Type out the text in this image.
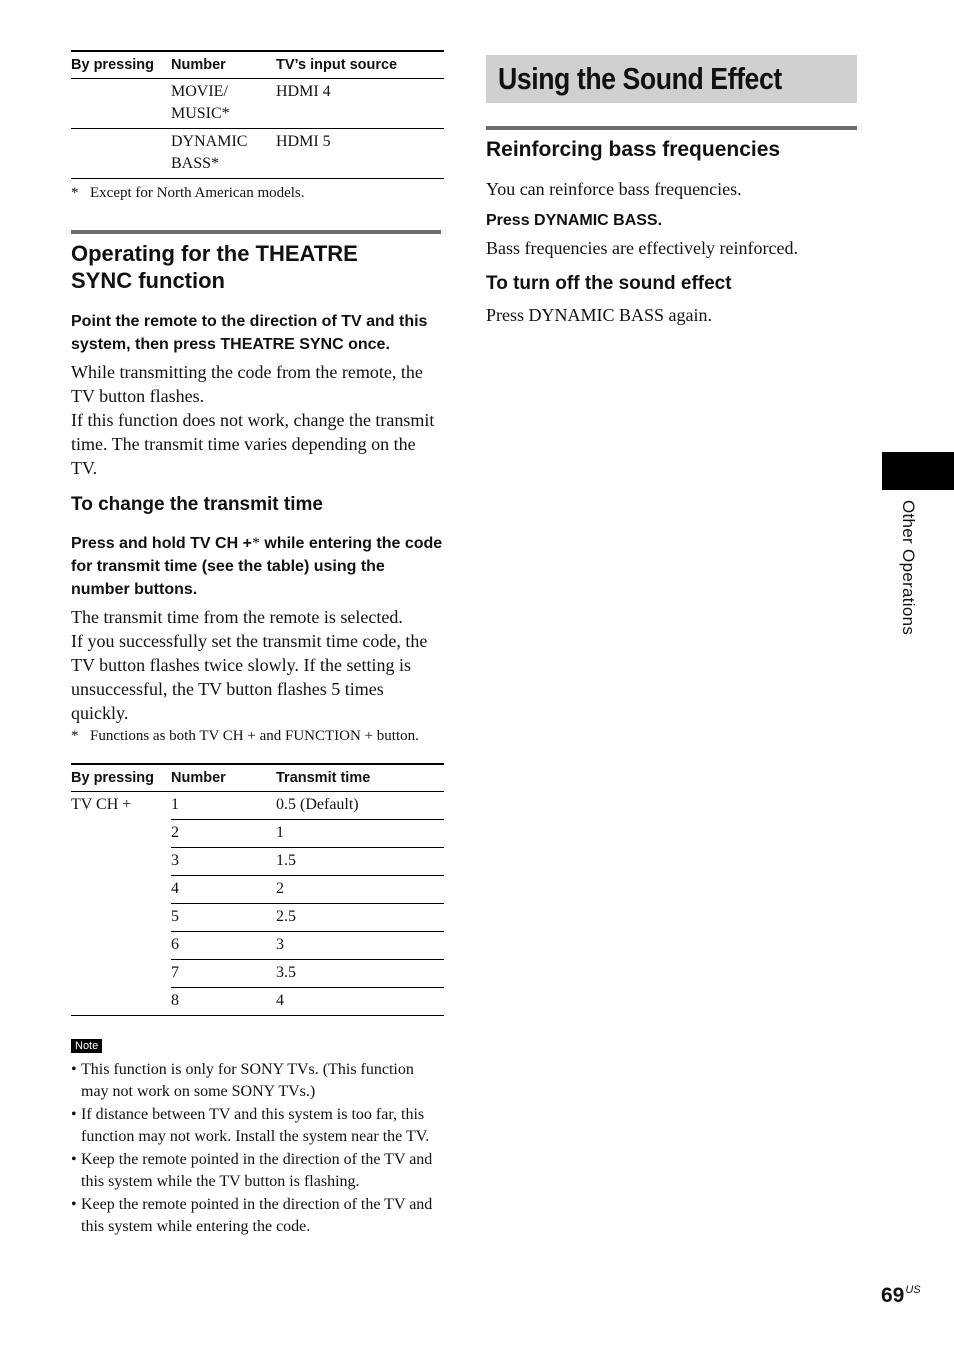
By pressing	Number	TV’s input source

	MOVIE/
MUSIC*	HDMI 4

	DYNAMIC
BASS*	HDMI 5
* Except for North American models.
Operating for the THEATRE
SYNC function

Point the remote to the direction of TV and this system, then press THEATRE SYNC once.

While transmitting the code from the remote, the TV button flashes.

If this function does not work, change the transmit time. The transmit time varies depending on the TV.

To change the transmit time

Press and hold TV CH +* while entering the code for transmit time (see the table) using the number buttons.

The transmit time from the remote is selected.

If you successfully set the transmit time code, the TV button flashes twice slowly. If the setting is unsuccessful, the TV button flashes 5 times quickly.

* Functions as both TV CH + and FUNCTION + button.
By pressing	Number	Transmit time
TV CH +	1	0.5 (Default)
	2	1
	3	1.5
	4	2
	5	2.5
	6	3
	7	3.5
	8	4
Note
• This function is only for SONY TVs. (This function may not work on some SONY TVs.)
• If distance between TV and this system is too far, this function may not work. Install the system near the TV.
• Keep the remote pointed in the direction of the TV and this system while the TV button is flashing.
• Keep the remote pointed in the direction of the TV and this system while entering the code.
Using the Sound Effect
Reinforcing bass frequencies

You can reinforce bass frequencies.

Press DYNAMIC BASS.

Bass frequencies are effectively reinforced.

To turn off the sound effect

Press DYNAMIC BASS again.

Other Operations
$69^{US}$
